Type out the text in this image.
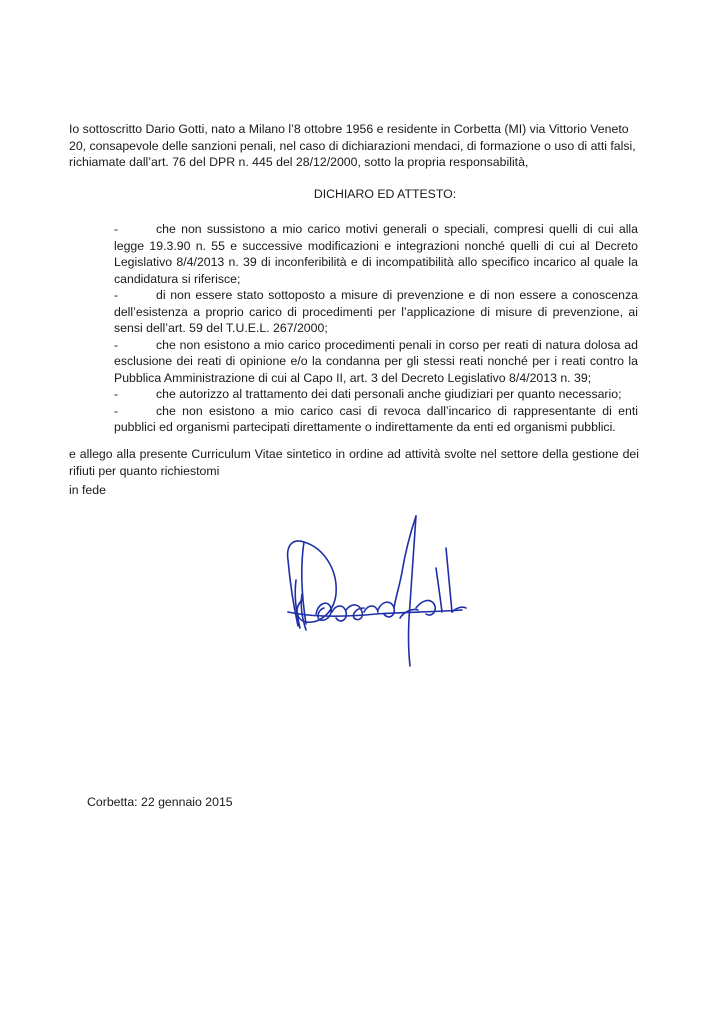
Io sottoscritto Dario Gotti, nato a Milano l’8 ottobre 1956 e residente in Corbetta (MI) via Vittorio Veneto 20, consapevole delle sanzioni penali, nel caso di dichiarazioni mendaci, di formazione o uso di atti falsi, richiamate dall’art. 76 del DPR n. 445 del 28/12/2000, sotto la propria responsabilità,

DICHIARO ED ATTESTO:

-	che non sussistono a mio carico motivi generali o speciali, compresi quelli di cui alla legge 19.3.90 n. 55 e successive modificazioni e integrazioni nonché quelli di cui al Decreto Legislativo 8/4/2013 n. 39 di inconferibilità e di incompatibilità allo specifico incarico al quale la candidatura si riferisce;
-	di non essere stato sottoposto a misure di prevenzione e di non essere a conoscenza dell’esistenza a proprio carico di procedimenti per l’applicazione di misure di prevenzione, ai sensi dell’art. 59 del T.U.E.L. 267/2000;
-	che non esistono a mio carico procedimenti penali in corso per reati di natura dolosa ad esclusione dei reati di opinione e/o la condanna per gli stessi reati nonché per i reati contro la Pubblica Amministrazione di cui al Capo II, art. 3 del Decreto Legislativo 8/4/2013 n. 39;
-	che autorizzo al trattamento dei dati personali anche giudiziari per quanto necessario;
-	che non esistono a mio carico casi di revoca dall’incarico di rappresentante di enti pubblici ed organismi partecipati direttamente o indirettamente da enti ed organismi pubblici.

e allego alla presente Curriculum Vitae sintetico in ordine ad attività svolte nel settore della gestione dei rifiuti per quanto richiestomi

in fede

Corbetta: 22 gennaio 2015
